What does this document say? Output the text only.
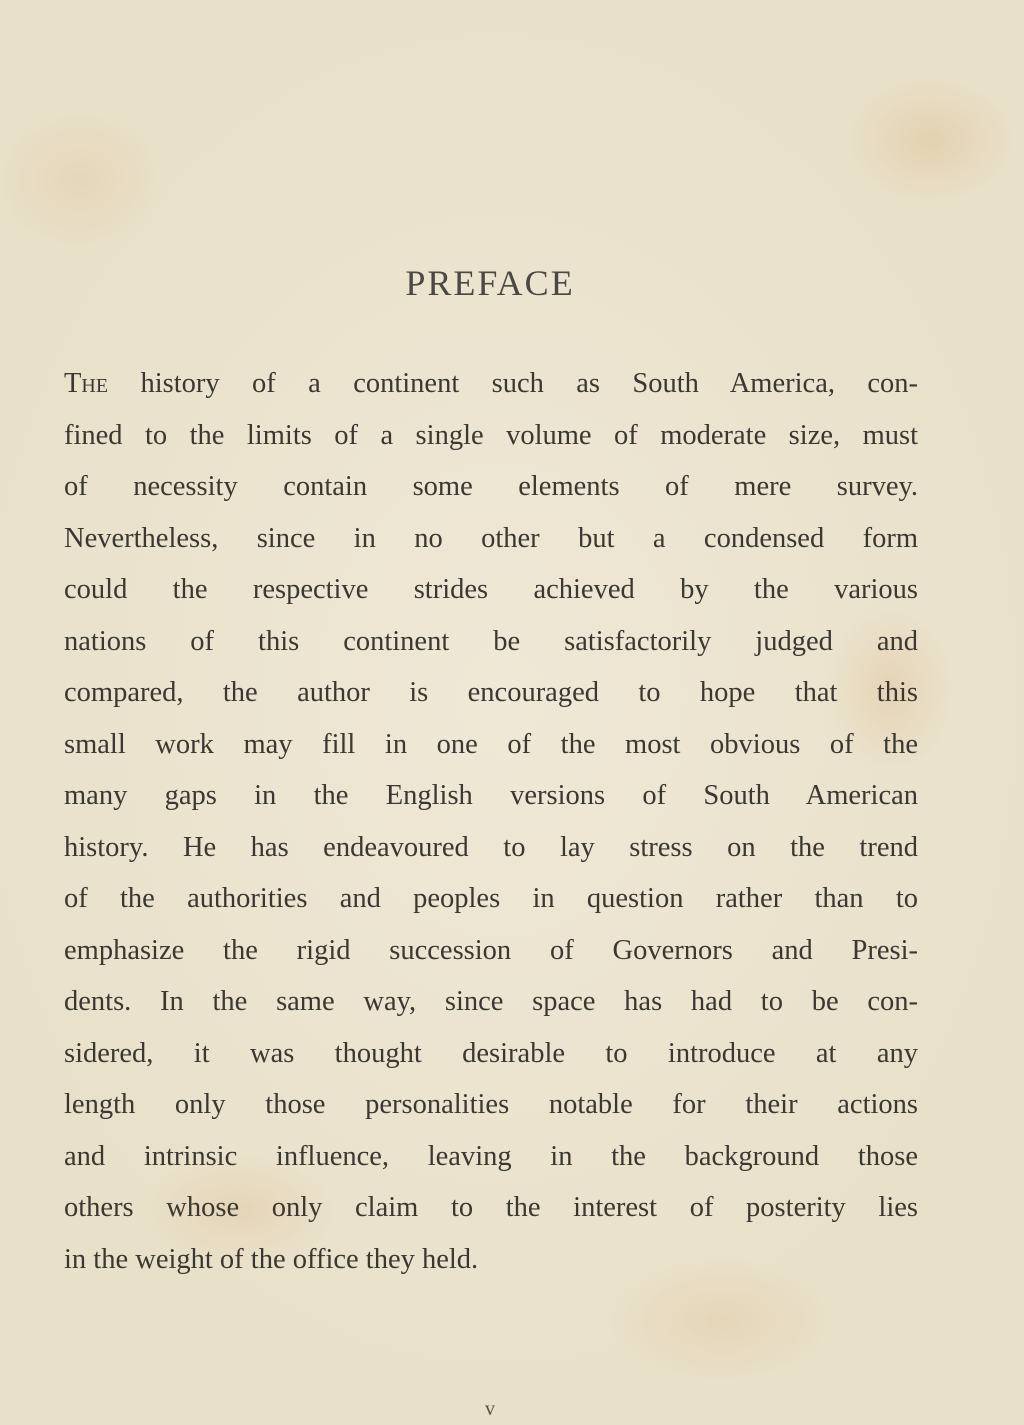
PREFACE
The history of a continent such as South America, con-
fined to the limits of a single volume of moderate size, must
of necessity contain some elements of mere survey.
Nevertheless, since in no other but a condensed form
could the respective strides achieved by the various
nations of this continent be satisfactorily judged and
compared, the author is encouraged to hope that this
small work may fill in one of the most obvious of the
many gaps in the English versions of South American
history. He has endeavoured to lay stress on the trend
of the authorities and peoples in question rather than to
emphasize the rigid succession of Governors and Presi-
dents. In the same way, since space has had to be con-
sidered, it was thought desirable to introduce at any
length only those personalities notable for their actions
and intrinsic influence, leaving in the background those
others whose only claim to the interest of posterity lies
in the weight of the office they held.
v
